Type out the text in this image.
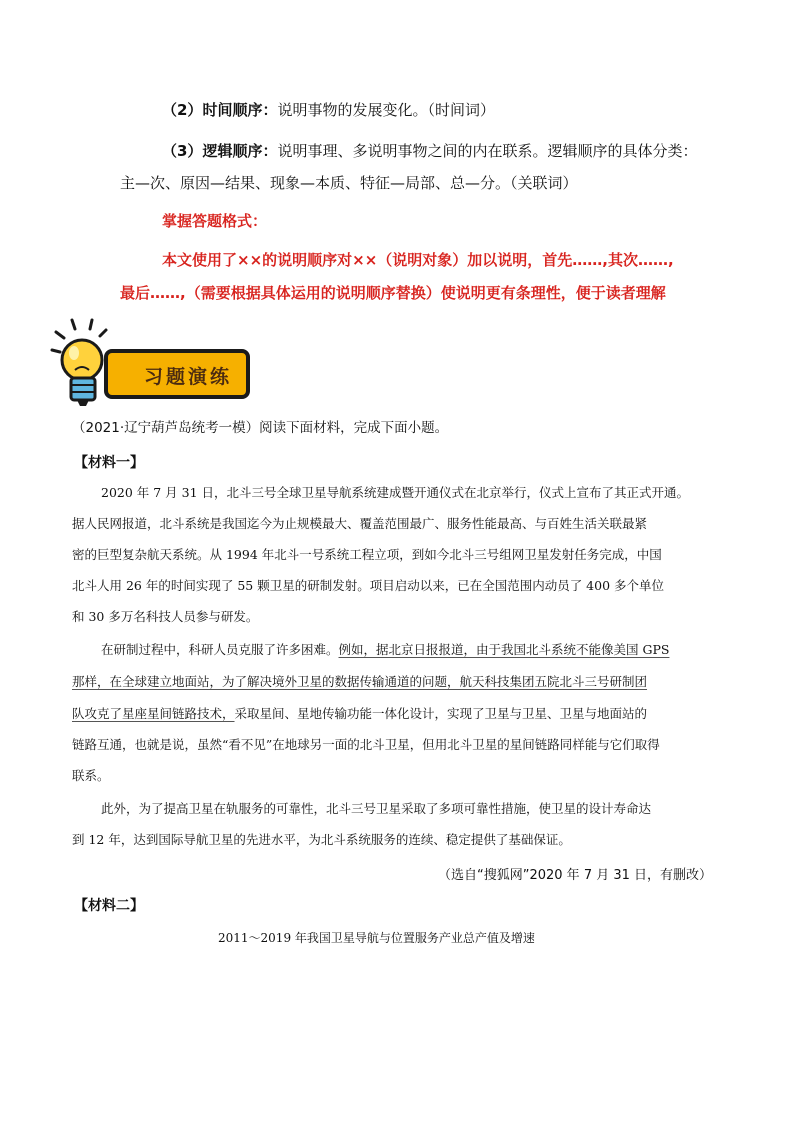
（2）时间顺序：说明事物的发展变化。（时间词）
（3）逻辑顺序：说明事理、多说明事物之间的内在联系。逻辑顺序的具体分类：
主—次、原因—结果、现象—本质、特征—局部、总—分。（关联词）
掌握答题格式：
本文使用了××的说明顺序对××（说明对象）加以说明，首先……,其次……,
最后……,（需要根据具体运用的说明顺序替换）使说明更有条理性，便于读者理解
习题演练
（2021·辽宁葫芦岛统考一模）阅读下面材料，完成下面小题。
【材料一】
2020 年 7 月 31 日，北斗三号全球卫星导航系统建成暨开通仪式在北京举行，仪式上宣布了其正式开通。
据人民网报道，北斗系统是我国迄今为止规模最大、覆盖范围最广、服务性能最高、与百姓生活关联最紧
密的巨型复杂航天系统。从 1994 年北斗一号系统工程立项，到如今北斗三号组网卫星发射任务完成，中国
北斗人用 26 年的时间实现了 55 颗卫星的研制发射。项目启动以来，已在全国范围内动员了 400 多个单位
和 30 多万名科技人员参与研发。
在研制过程中，科研人员克服了许多困难。例如，据北京日报报道，由于我国北斗系统不能像美国 GPS
那样，在全球建立地面站，为了解决境外卫星的数据传输通道的问题，航天科技集团五院北斗三号研制团
队攻克了星座星间链路技术，采取星间、星地传输功能一体化设计，实现了卫星与卫星、卫星与地面站的
链路互通，也就是说，虽然“看不见”在地球另一面的北斗卫星，但用北斗卫星的星间链路同样能与它们取得
联系。
此外，为了提高卫星在轨服务的可靠性，北斗三号卫星采取了多项可靠性措施，使卫星的设计寿命达
到 12 年，达到国际导航卫星的先进水平，为北斗系统服务的连续、稳定提供了基础保证。
（选自“搜狐网”2020 年 7 月 31 日，有删改）
【材料二】
2011～2019 年我国卫星导航与位置服务产业总产值及增速
